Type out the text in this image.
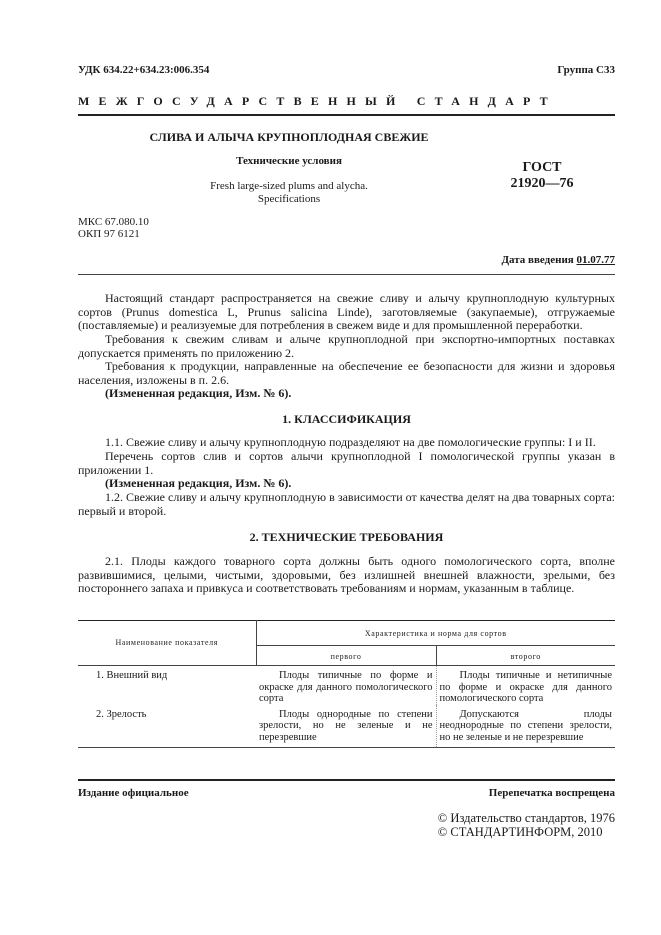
УДК 634.22+634.23:006.354	Группа С33
МЕЖГОСУДАРСТВЕННЫЙ СТАНДАРТ
СЛИВА И АЛЫЧА КРУПНОПЛОДНАЯ СВЕЖИЕ
Технические условия
Fresh large-sized plums and alycha.
Specifications
ГОСТ
21920—76
МКС 67.080.10
ОКП 97 6121
Дата введения 01.07.77
Настоящий стандарт распространяется на свежие сливу и алычу крупноплодную культурных сортов (Prunus domestica L, Prunus salicina Linde), заготовляемые (закупаемые), отгружаемые (поставляемые) и реализуемые для потребления в свежем виде и для промышленной переработки.
Требования к свежим сливам и алыче крупноплодной при экспортно-импортных поставках допускается применять по приложению 2.
Требования к продукции, направленные на обеспечение ее безопасности для жизни и здоровья населения, изложены в п. 2.6.
(Измененная редакция, Изм. № 6).
1. КЛАССИФИКАЦИЯ
1.1. Свежие сливу и алычу крупноплодную подразделяют на две помологические группы: I и II.
Перечень сортов слив и сортов алычи крупноплодной I помологической группы указан в приложении 1.
(Измененная редакция, Изм. № 6).
1.2. Свежие сливу и алычу крупноплодную в зависимости от качества делят на два товарных сорта: первый и второй.
2. ТЕХНИЧЕСКИЕ ТРЕБОВАНИЯ
2.1. Плоды каждого товарного сорта должны быть одного помологического сорта, вполне развившимися, целыми, чистыми, здоровыми, без излишней внешней влажности, зрелыми, без постороннего запаха и привкуса и соответствовать требованиям и нормам, указанным в таблице.
Наименование показателя	Характеристика и норма для сортов	
	первого	второго
1. Внешний вид	Плоды типичные по форме и окраске для данного помологического сорта	Плоды типичные и нетипичные по форме и окраске для данного помологического сорта
2. Зрелость	Плоды однородные по степени зрелости, но не зеленые и не перезревшие	Допускаются плоды неоднородные по степени зрелости, но не зеленые и не перезревшие
Издание официальное	Перепечатка воспрещена
© Издательство стандартов, 1976
© СТАНДАРТИНФОРМ, 2010
